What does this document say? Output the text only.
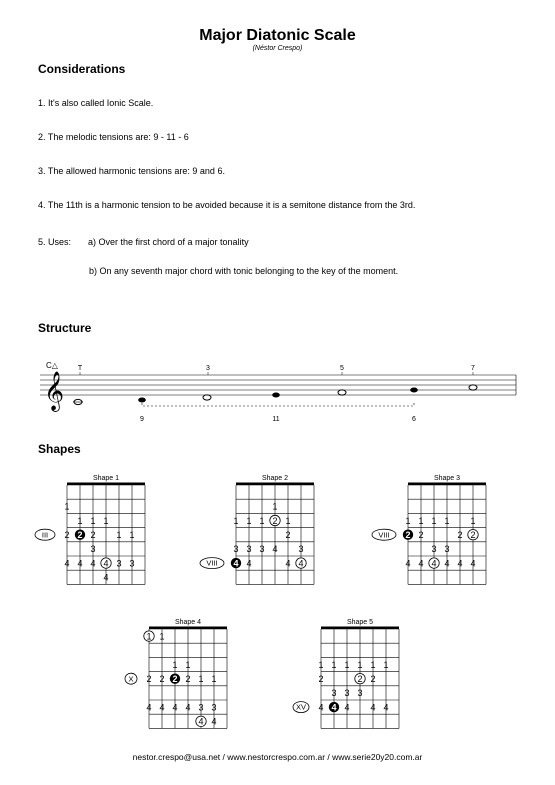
Major Diatonic Scale
(Néstor Crespo)
Considerations
1. It's also called Ionic Scale.
2. The melodic tensions are: 9 - 11 - 6
3. The allowed harmonic tensions are: 9 and 6.
4. The 11th is a harmonic tension to be avoided because it is a semitone distance from the 3rd.
5. Uses: a) Over the first chord of a major tonality
b) On any seventh major chord with tonic belonging to the key of the moment.
Structure
𝄞
C△	T	3	5	7
9	11	6
Shapes
Shape 1
1
1 1 1
2 2 2 1 1
3
4 4 4 4 3 3
4
III
Shape 2
1
1 1 1 2 1
2
3 3 3 4 3
4 4	4 4
VIII
Shape 3
1 1 1 1 1
2 2	2 2
3 3
4 4 4 4 4 4
VIII
Shape 4
1 1
1 1
2 2 2 2 1 1
4 4 4 4 3 3
4 4
X
Shape 5
1 1 1 1 1 1
2	2 2
3 3 3
4 4 4 4 4
XV
nestor.crespo@usa.net / www.nestorcrespo.com.ar / www.serie20y20.com.ar
